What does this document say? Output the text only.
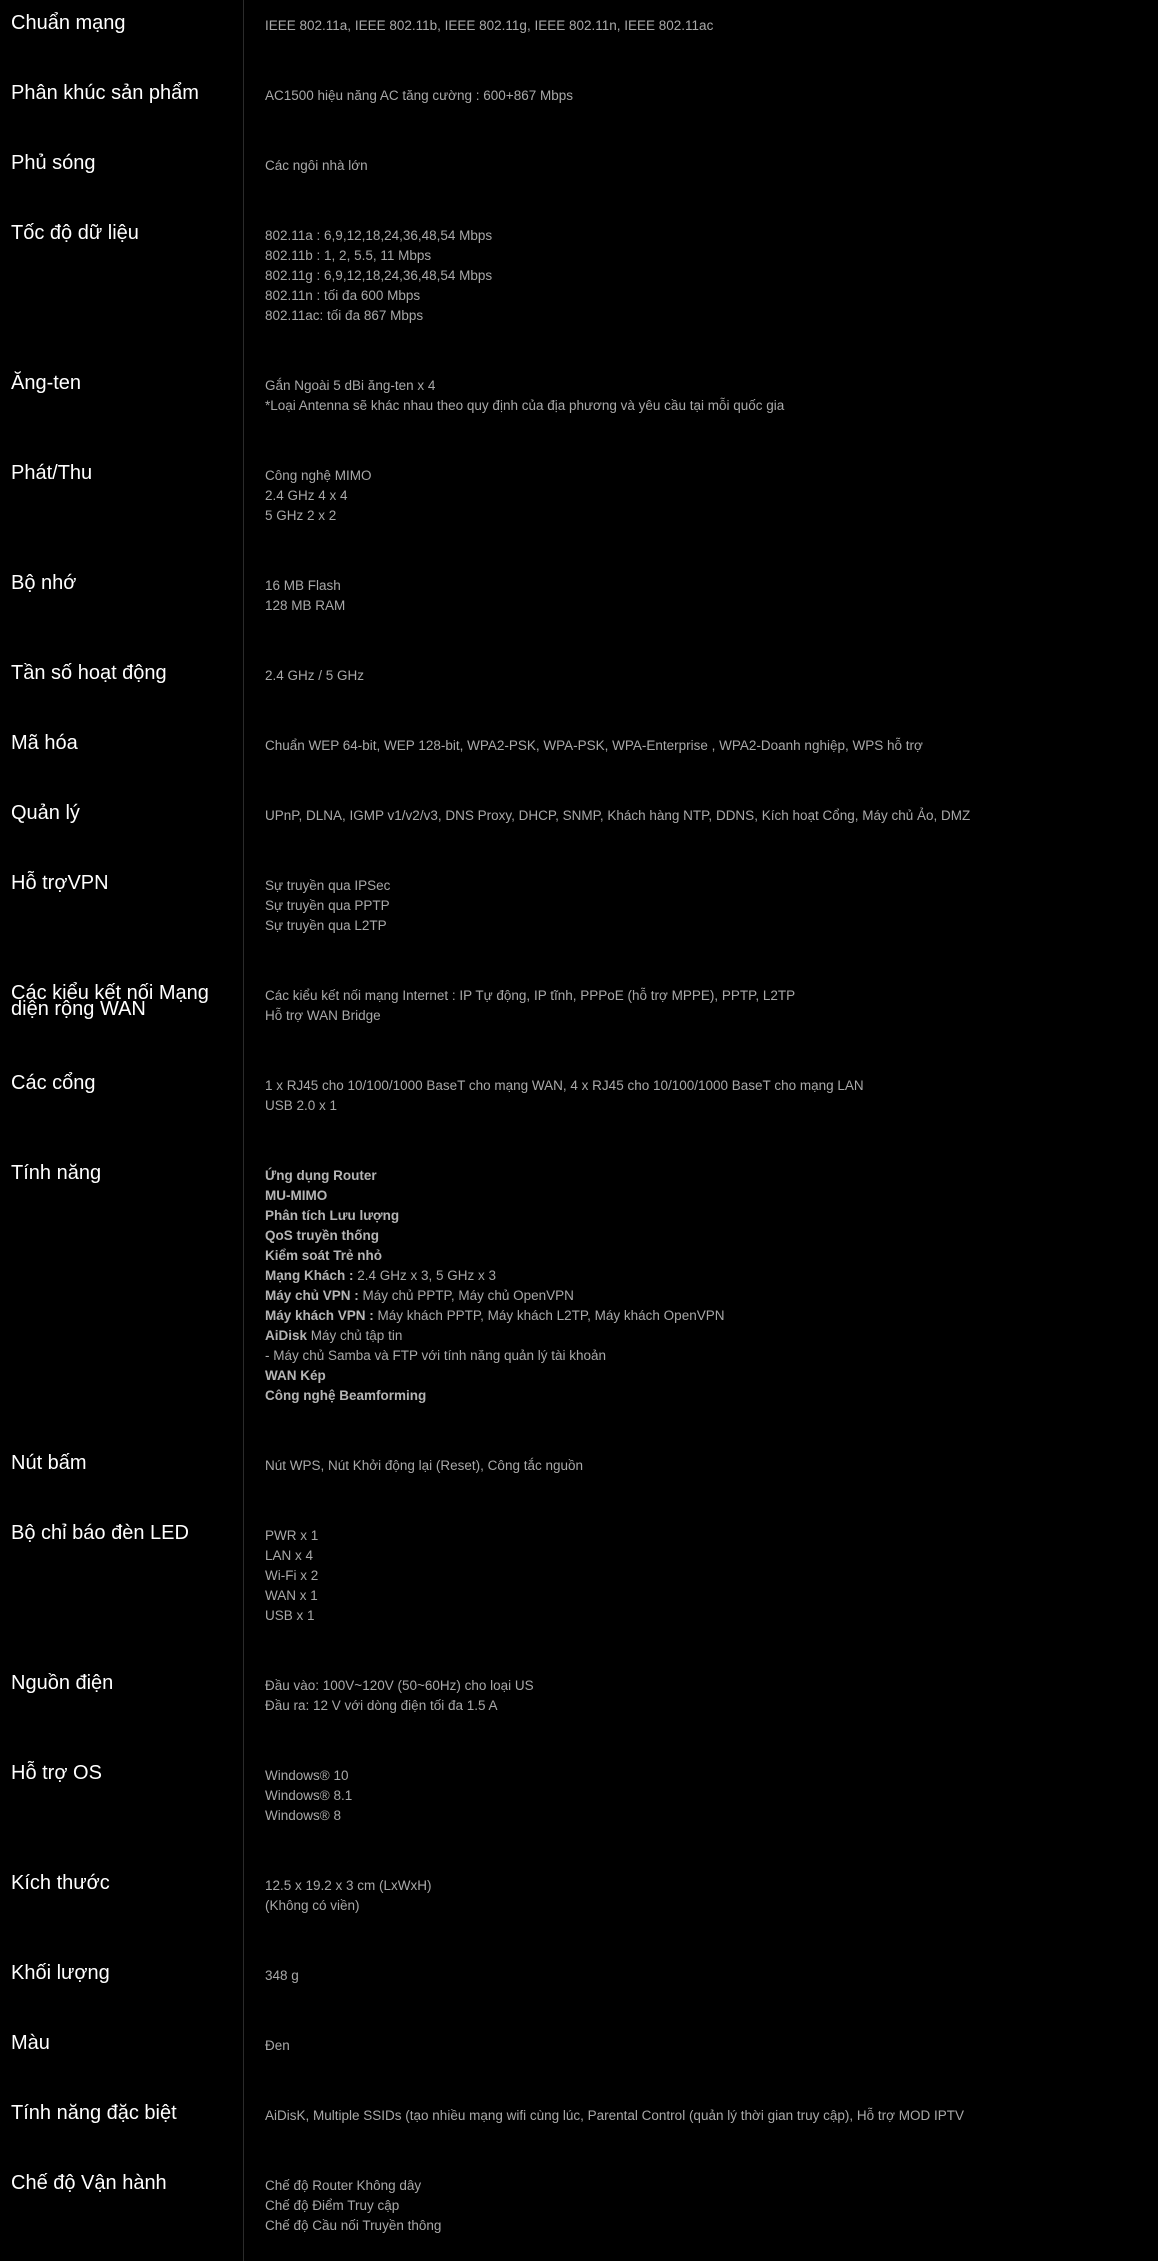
Chuẩn mạng	IEEE 802.11a, IEEE 802.11b, IEEE 802.11g, IEEE 802.11n, IEEE 802.11ac
Phân khúc sản phẩm	AC1500 hiệu năng AC tăng cường : 600+867 Mbps
Phủ sóng	Các ngôi nhà lớn
Tốc độ dữ liệu	802.11a : 6,9,12,18,24,36,48,54 Mbps
802.11b : 1, 2, 5.5, 11 Mbps
802.11g : 6,9,12,18,24,36,48,54 Mbps
802.11n : tối đa 600 Mbps
802.11ac: tối đa 867 Mbps
Ăng-ten	Gắn Ngoài 5 dBi ăng-ten x 4
*Loại Antenna sẽ khác nhau theo quy định của địa phương và yêu cầu tại mỗi quốc gia
Phát/Thu	Công nghệ MIMO
2.4 GHz 4 x 4
5 GHz 2 x 2
Bộ nhớ	16 MB Flash
128 MB RAM
Tần số hoạt động	2.4 GHz / 5 GHz
Mã hóa	Chuẩn WEP 64-bit, WEP 128-bit, WPA2-PSK, WPA-PSK, WPA-Enterprise , WPA2-Doanh nghiệp, WPS hỗ trợ
Quản lý	UPnP, DLNA, IGMP v1/v2/v3, DNS Proxy, DHCP, SNMP, Khách hàng NTP, DDNS, Kích hoạt Cổng, Máy chủ Ảo, DMZ
Hỗ trợVPN	Sự truyền qua IPSec
Sự truyền qua PPTP
Sự truyền qua L2TP
Các kiểu kết nối Mạng
diện rộng WAN
Các kiểu kết nối mạng Internet : IP Tự động, IP tĩnh, PPPoE (hỗ trợ MPPE), PPTP, L2TP
Hỗ trợ WAN Bridge
Các cổng	1 x RJ45 cho 10/100/1000 BaseT cho mạng WAN, 4 x RJ45 cho 10/100/1000 BaseT cho mạng LAN
USB 2.0 x 1
Tính năng	Ứng dụng Router
MU-MIMO
Phân tích Lưu lượng
QoS truyền thống
Kiểm soát Trẻ nhỏ
Mạng Khách : 2.4 GHz x 3, 5 GHz x 3
Máy chủ VPN : Máy chủ PPTP, Máy chủ OpenVPN
Máy khách VPN : Máy khách PPTP, Máy khách L2TP, Máy khách OpenVPN
AiDisk Máy chủ tập tin
- Máy chủ Samba và FTP với tính năng quản lý tài khoản
WAN Kép
Công nghệ Beamforming
Nút bấm	Nút WPS, Nút Khởi động lại (Reset), Công tắc nguồn
Bộ chỉ báo đèn LED	PWR x 1
LAN x 4
Wi-Fi x 2
WAN x 1
USB x 1
Nguồn điện	Đầu vào: 100V~120V (50~60Hz) cho loại US
Đầu ra: 12 V với dòng điện tối đa 1.5 A
Hỗ trợ OS	Windows® 10
Windows® 8.1
Windows® 8
Kích thước	12.5 x 19.2 x 3 cm (LxWxH)
(Không có viền)
Khối lượng	348 g
Màu	Đen
Tính năng đặc biệt	AiDisK, Multiple SSIDs (tạo nhiều mạng wifi cùng lúc, Parental Control (quản lý thời gian truy cập), Hỗ trợ MOD IPTV
Chế độ Vận hành	Chế độ Router Không dây
Chế độ Điểm Truy cập
Chế độ Cầu nối Truyền thông
